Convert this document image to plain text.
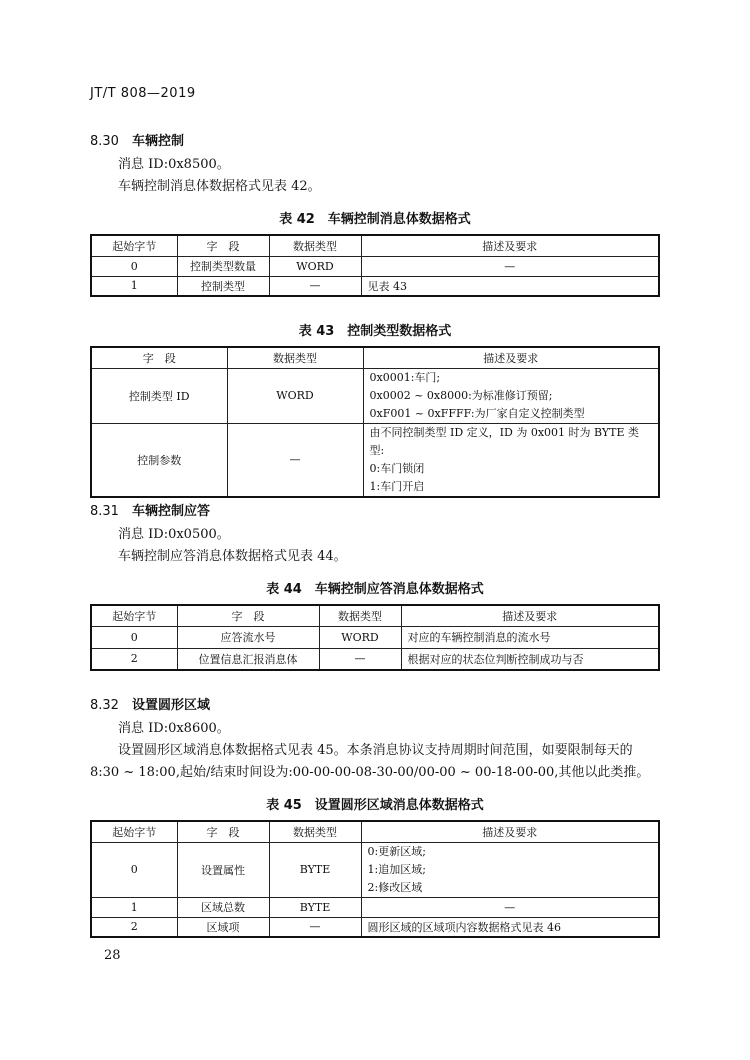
JT/T 808—2019
8.30 车辆控制
消息 ID:0x8500。
车辆控制消息体数据格式见表 42。
表 42　车辆控制消息体数据格式
起始字节	字　段	数据类型	描述及要求
0	控制类型数量	WORD	—
1	控制类型	—	见表 43
表 43　控制类型数据格式
字　段	数据类型	描述及要求
控制类型 ID	WORD	0x0001:车门;
0x0002 ~ 0x8000:为标准修订预留;
0xF001 ~ 0xFFFF:为厂家自定义控制类型

控制参数	—	由不同控制类型 ID 定义，ID 为 0x001 时为 BYTE 类型:
0:车门锁闭
1:车门开启
8.31 车辆控制应答
消息 ID:0x0500。
车辆控制应答消息体数据格式见表 44。
表 44　车辆控制应答消息体数据格式
起始字节	字　段	数据类型	描述及要求
0	应答流水号	WORD	对应的车辆控制消息的流水号
2	位置信息汇报消息体	—	根据对应的状态位判断控制成功与否
8.32 设置圆形区域
消息 ID:0x8600。
设置圆形区域消息体数据格式见表 45。本条消息协议支持周期时间范围，如要限制每天的 8:30 ~ 18:00,起始/结束时间设为:00-00-00-08-30-00/00-00 ~ 00-18-00-00,其他以此类推。
表 45　设置圆形区域消息体数据格式
起始字节	字　段	数据类型	描述及要求
0	设置属性	BYTE	0:更新区域;
1:追加区域;
2:修改区域

1	区域总数	BYTE	—
2	区域项	—	圆形区域的区域项内容数据格式见表 46
28
